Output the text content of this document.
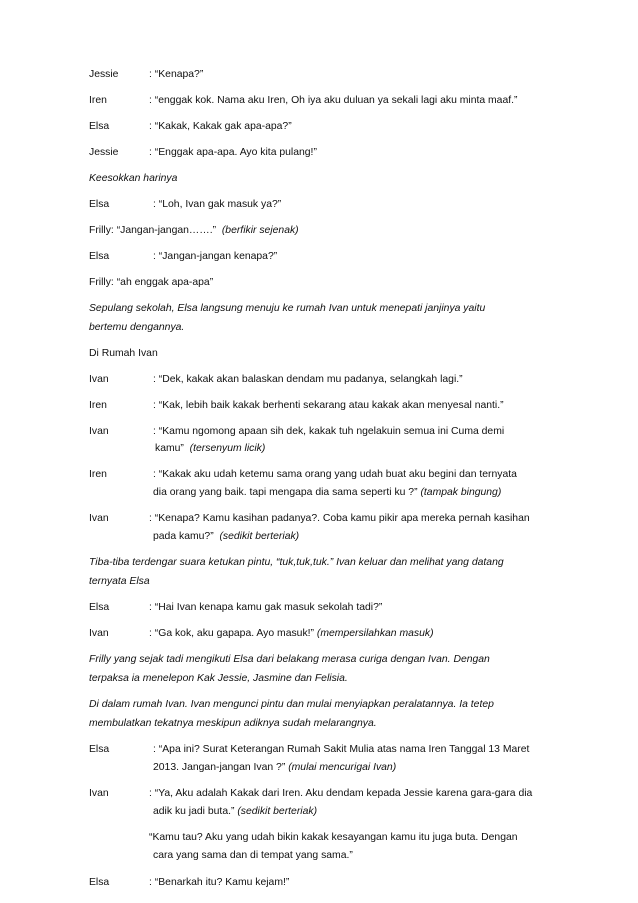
Jessie	: “Kenapa?”
Iren	: “enggak kok. Nama aku Iren, Oh iya aku duluan ya sekali lagi aku minta maaf.”
Elsa	: “Kakak, Kakak gak apa-apa?”
Jessie	: “Enggak apa-apa. Ayo kita pulang!”
Keesokkan harinya
Elsa	: “Loh, Ivan gak masuk ya?”
Frilly: “Jangan-jangan…….” (berfikir sejenak)
Elsa	: “Jangan-jangan kenapa?”
Frilly: “ah enggak apa-apa”
Sepulang sekolah, Elsa langsung menuju ke rumah Ivan untuk menepati janjinya yaitu
bertemu dengannya.
Di Rumah Ivan
Ivan	: “Dek, kakak akan balaskan dendam mu padanya, selangkah lagi.”
Iren	: “Kak, lebih baik kakak berhenti sekarang atau kakak akan menyesal nanti.”
Ivan	: “Kamu ngomong apaan sih dek, kakak tuh ngelakuin semua ini Cuma demi
kamu” (tersenyum licik)
Iren	: “Kakak aku udah ketemu sama orang yang udah buat aku begini dan ternyata
dia orang yang baik. tapi mengapa dia sama seperti ku ?” (tampak bingung)
Ivan	: “Kenapa? Kamu kasihan padanya?. Coba kamu pikir apa mereka pernah kasihan
pada kamu?” (sedikit berteriak)
Tiba-tiba terdengar suara ketukan pintu, “tuk,tuk,tuk.” Ivan keluar dan melihat yang datang
ternyata Elsa
Elsa	: “Hai Ivan kenapa kamu gak masuk sekolah tadi?”
Ivan	: “Ga kok, aku gapapa. Ayo masuk!” (mempersilahkan masuk)
Frilly yang sejak tadi mengikuti Elsa dari belakang merasa curiga dengan Ivan. Dengan
terpaksa ia menelepon Kak Jessie, Jasmine dan Felisia.
Di dalam rumah Ivan. Ivan mengunci pintu dan mulai menyiapkan peralatannya. Ia tetep
membulatkan tekatnya meskipun adiknya sudah melarangnya.
Elsa	: “Apa ini? Surat Keterangan Rumah Sakit Mulia atas nama Iren Tanggal 13 Maret
2013. Jangan-jangan Ivan ?” (mulai mencurigai Ivan)
Ivan	: “Ya, Aku adalah Kakak dari Iren. Aku dendam kepada Jessie karena gara-gara dia
adik ku jadi buta.” (sedikit berteriak)
“Kamu tau? Aku yang udah bikin kakak kesayangan kamu itu juga buta. Dengan
cara yang sama dan di tempat yang sama.”
Elsa	: “Benarkah itu? Kamu kejam!”
